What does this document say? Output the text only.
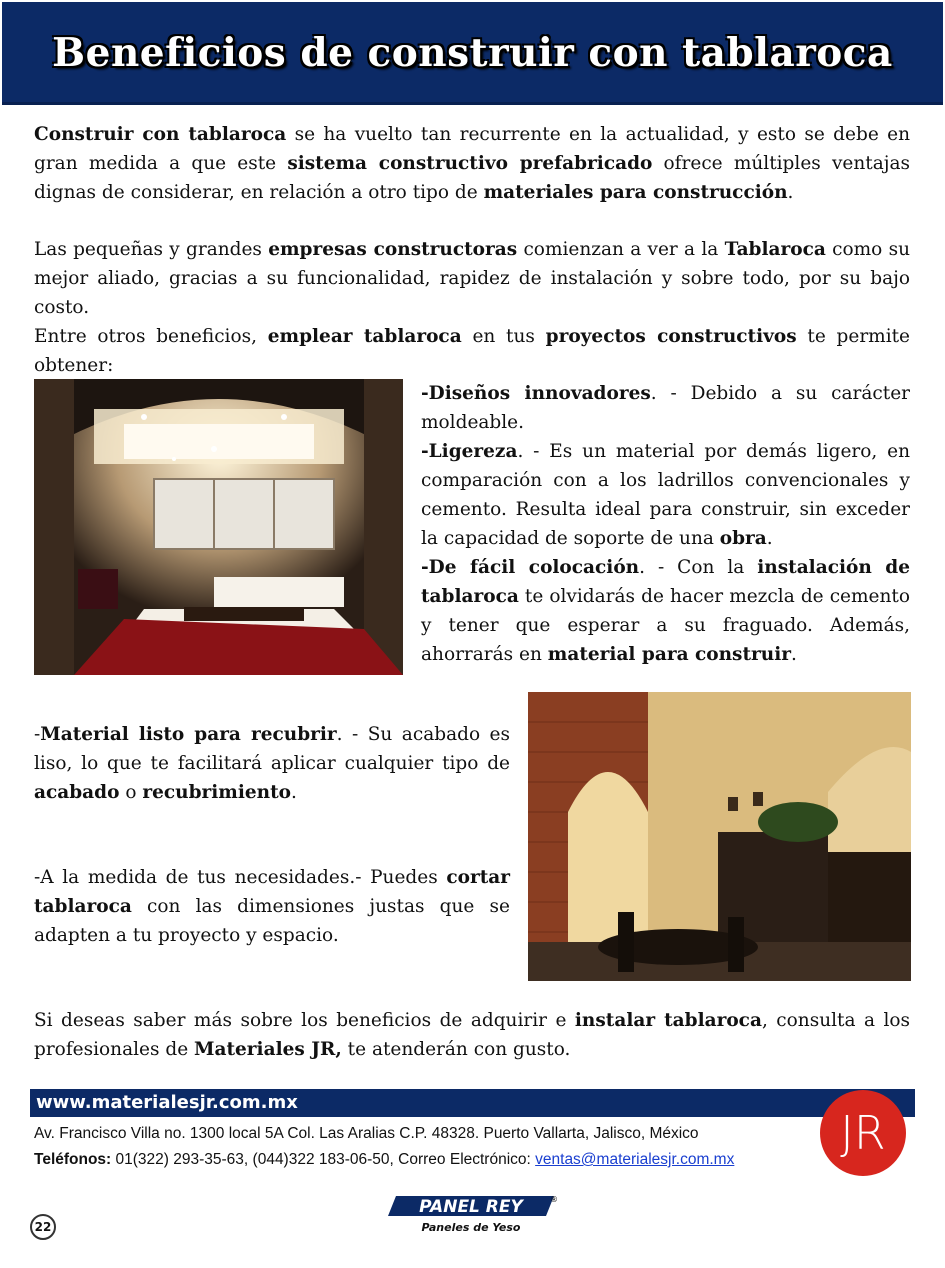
Beneficios de construir con tablaroca

Construir con tablaroca se ha vuelto tan recurrente en la actualidad, y esto se debe en gran medida a que este sistema constructivo prefabricado ofrece múltiples ventajas dignas de considerar, en relación a otro tipo de materiales para construcción.

Las pequeñas y grandes empresas constructoras comienzan a ver a la Tablaroca como su mejor aliado, gracias a su funcionalidad, rapidez de instalación y sobre todo, por su bajo costo.

Entre otros beneficios, emplear tablaroca en tus proyectos constructivos te permite obtener:

-Diseños innovadores. - Debido a su carácter moldeable.
-Ligereza. - Es un material por demás ligero, en comparación con a los ladrillos convencionales y cemento. Resulta ideal para construir, sin exceder la capacidad de soporte de una obra.
-De fácil colocación. - Con la instalación de tablaroca te olvidarás de hacer mezcla de cemento y tener que esperar a su fraguado. Además, ahorrarás en material para construir.

-Material listo para recubrir. - Su acabado es liso, lo que te facilitará aplicar cualquier tipo de acabado o recubrimiento.

-A la medida de tus necesidades.- Puedes cortar tablaroca con las dimensiones justas que se adapten a tu proyecto y espacio.

Si deseas saber más sobre los beneficios de adquirir e instalar tablaroca, consulta a los profesionales de Materiales JR, te atenderán con gusto.

www.materialesjr.com.mx
Av. Francisco Villa no. 1300 local 5A Col. Las Aralias C.P. 48328. Puerto Vallarta, Jalisco, México
Teléfonos: 01(322) 293-35-63, (044)322 183-06-50, Correo Electrónico: ventas@materialesjr.com.mx	JR
PANEL REY	®
Paneles de Yeso
22
